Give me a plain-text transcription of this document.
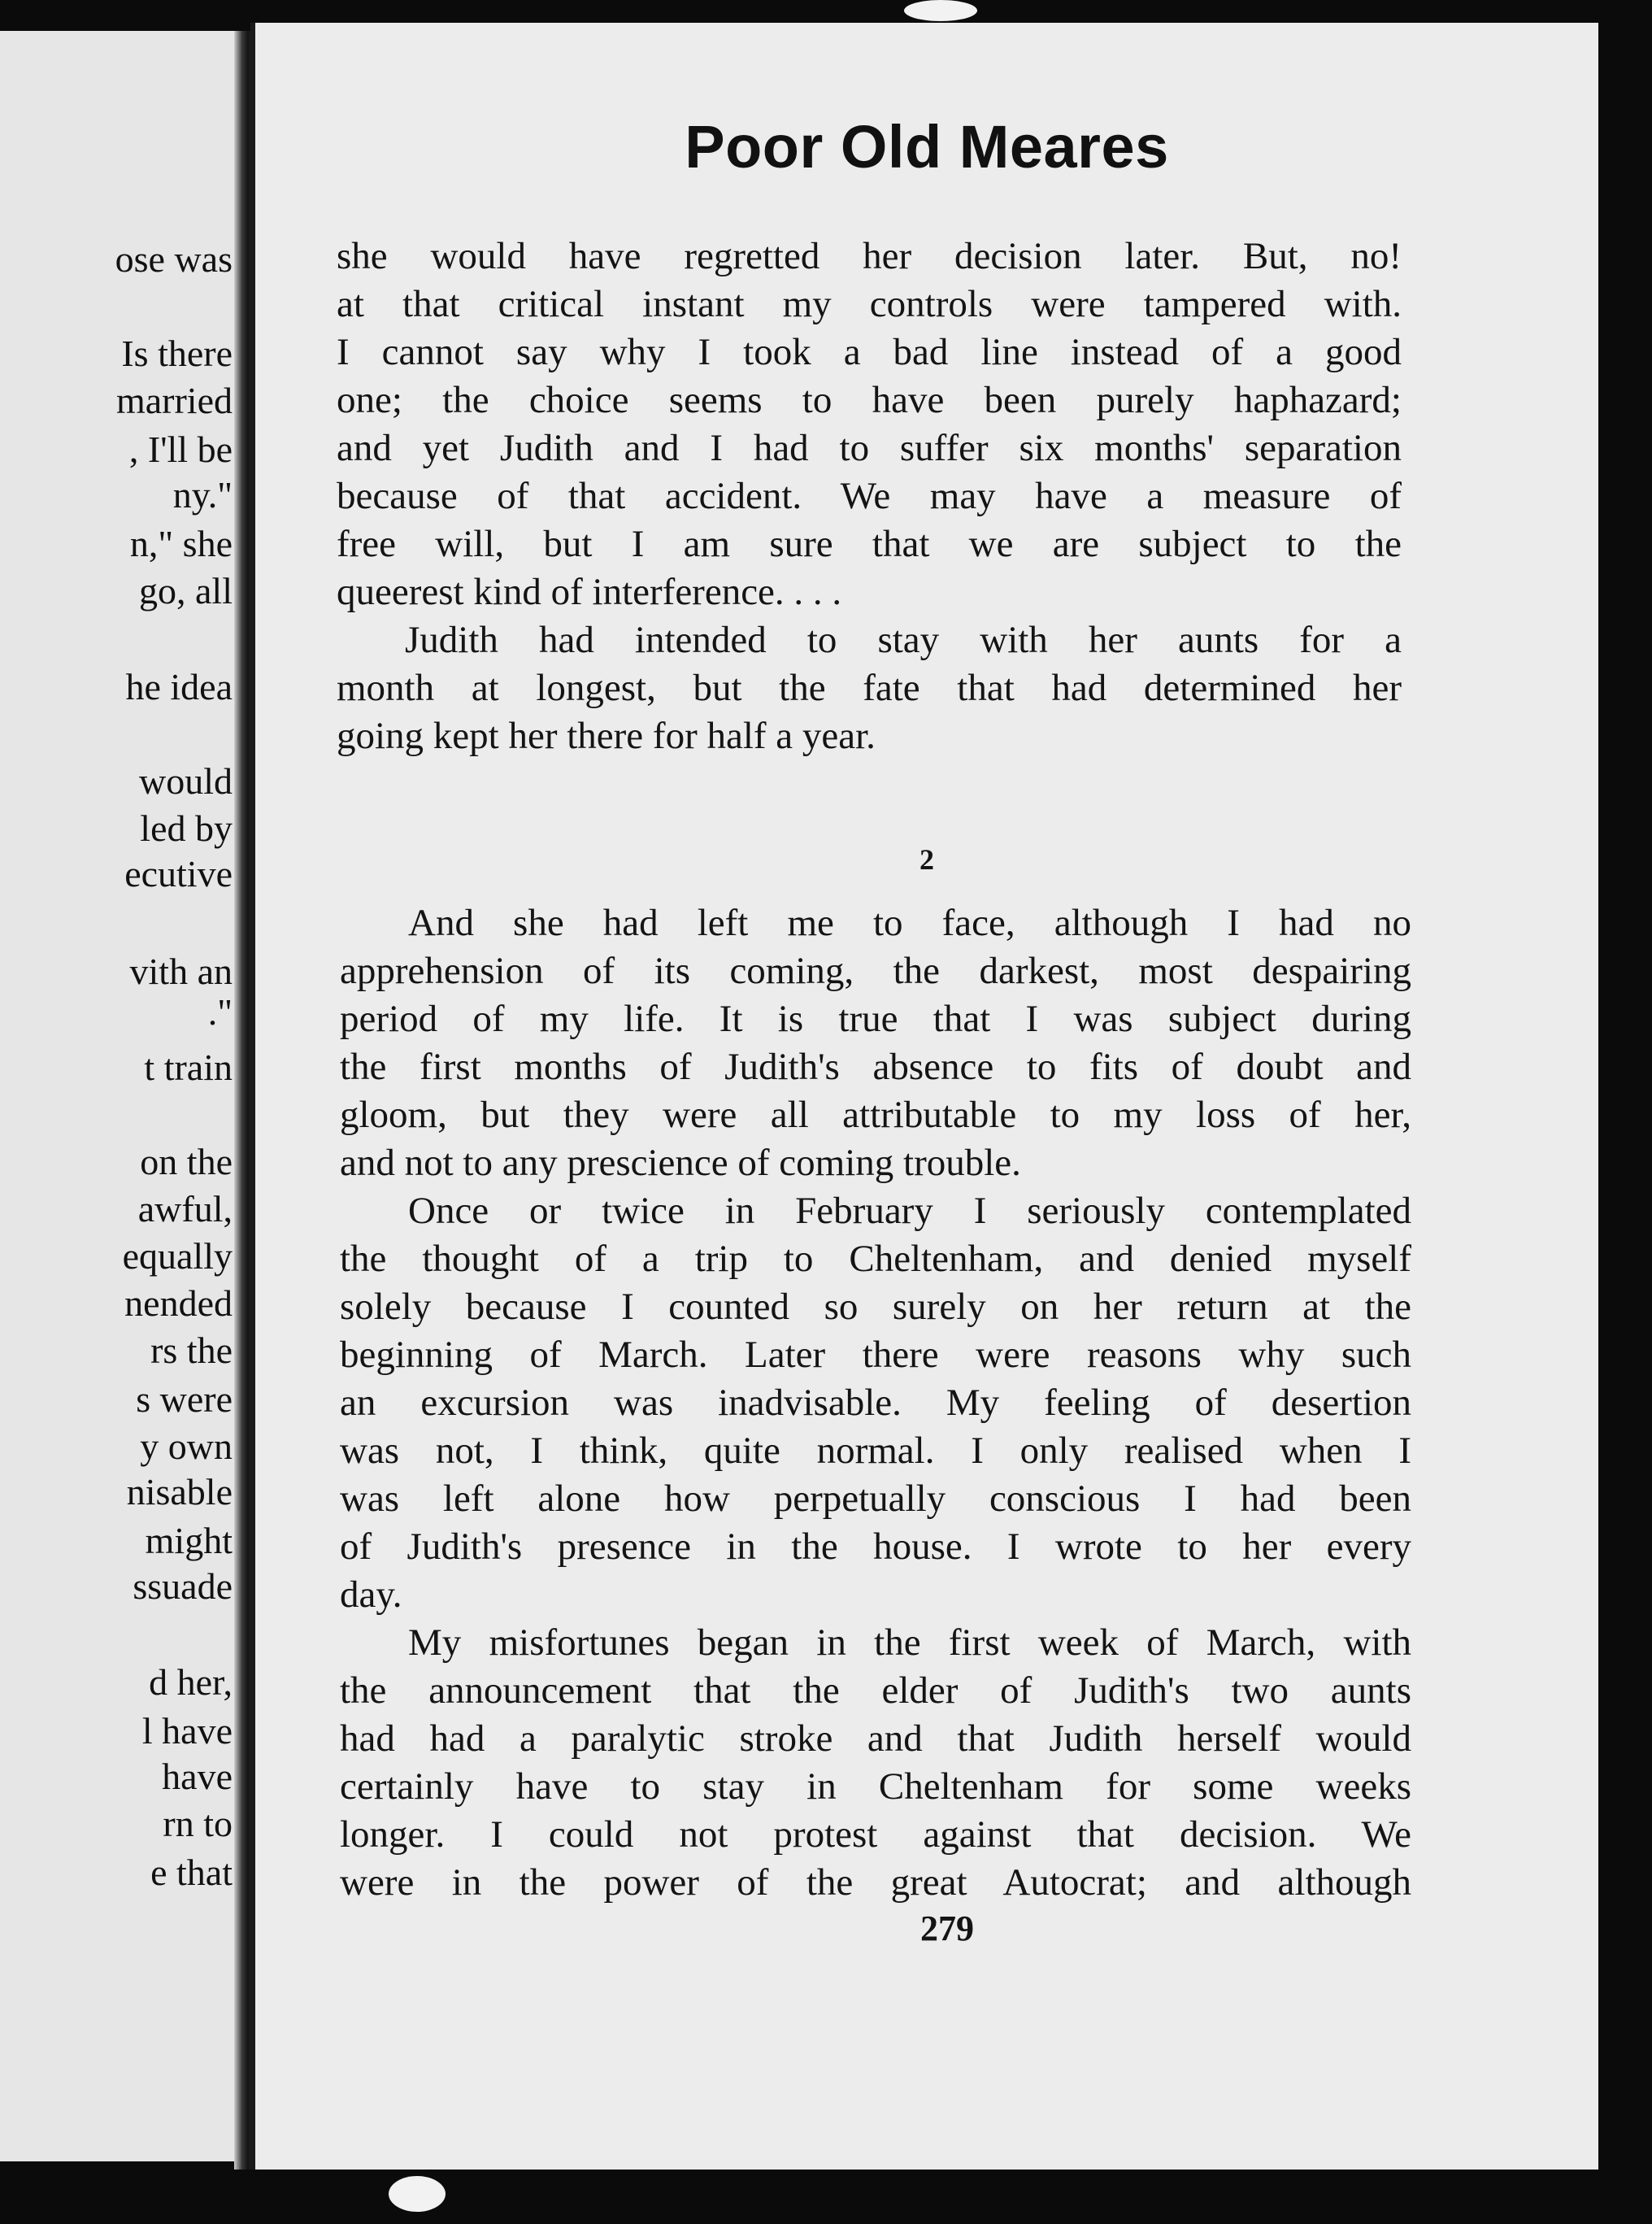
ose was
Is there
married
, I'll be
ny."
n," she
go, all
he idea
would
led by
ecutive
vith an
."
t train
on the
awful,
equally
nended
rs the
s were
y own
nisable
might
ssuade
d her,
l have
have
rn to
e that
Poor Old Meares
she would have regretted her decision later. But, no!
at that critical instant my controls were tampered with.
I cannot say why I took a bad line instead of a good
one; the choice seems to have been purely haphazard;
and yet Judith and I had to suffer six months' separation
because of that accident. We may have a measure of
free will, but I am sure that we are subject to the
queerest kind of interference. . . .
Judith had intended to stay with her aunts for a
month at longest, but the fate that had determined her
going kept her there for half a year.
2
And she had left me to face, although I had no
apprehension of its coming, the darkest, most despairing
period of my life. It is true that I was subject during
the first months of Judith's absence to fits of doubt and
gloom, but they were all attributable to my loss of her,
and not to any prescience of coming trouble.
Once or twice in February I seriously contemplated
the thought of a trip to Cheltenham, and denied myself
solely because I counted so surely on her return at the
beginning of March. Later there were reasons why such
an excursion was inadvisable. My feeling of desertion
was not, I think, quite normal. I only realised when I
was left alone how perpetually conscious I had been
of Judith's presence in the house. I wrote to her every
day.
My misfortunes began in the first week of March, with
the announcement that the elder of Judith's two aunts
had had a paralytic stroke and that Judith herself would
certainly have to stay in Cheltenham for some weeks
longer. I could not protest against that decision. We
were in the power of the great Autocrat; and although
279
